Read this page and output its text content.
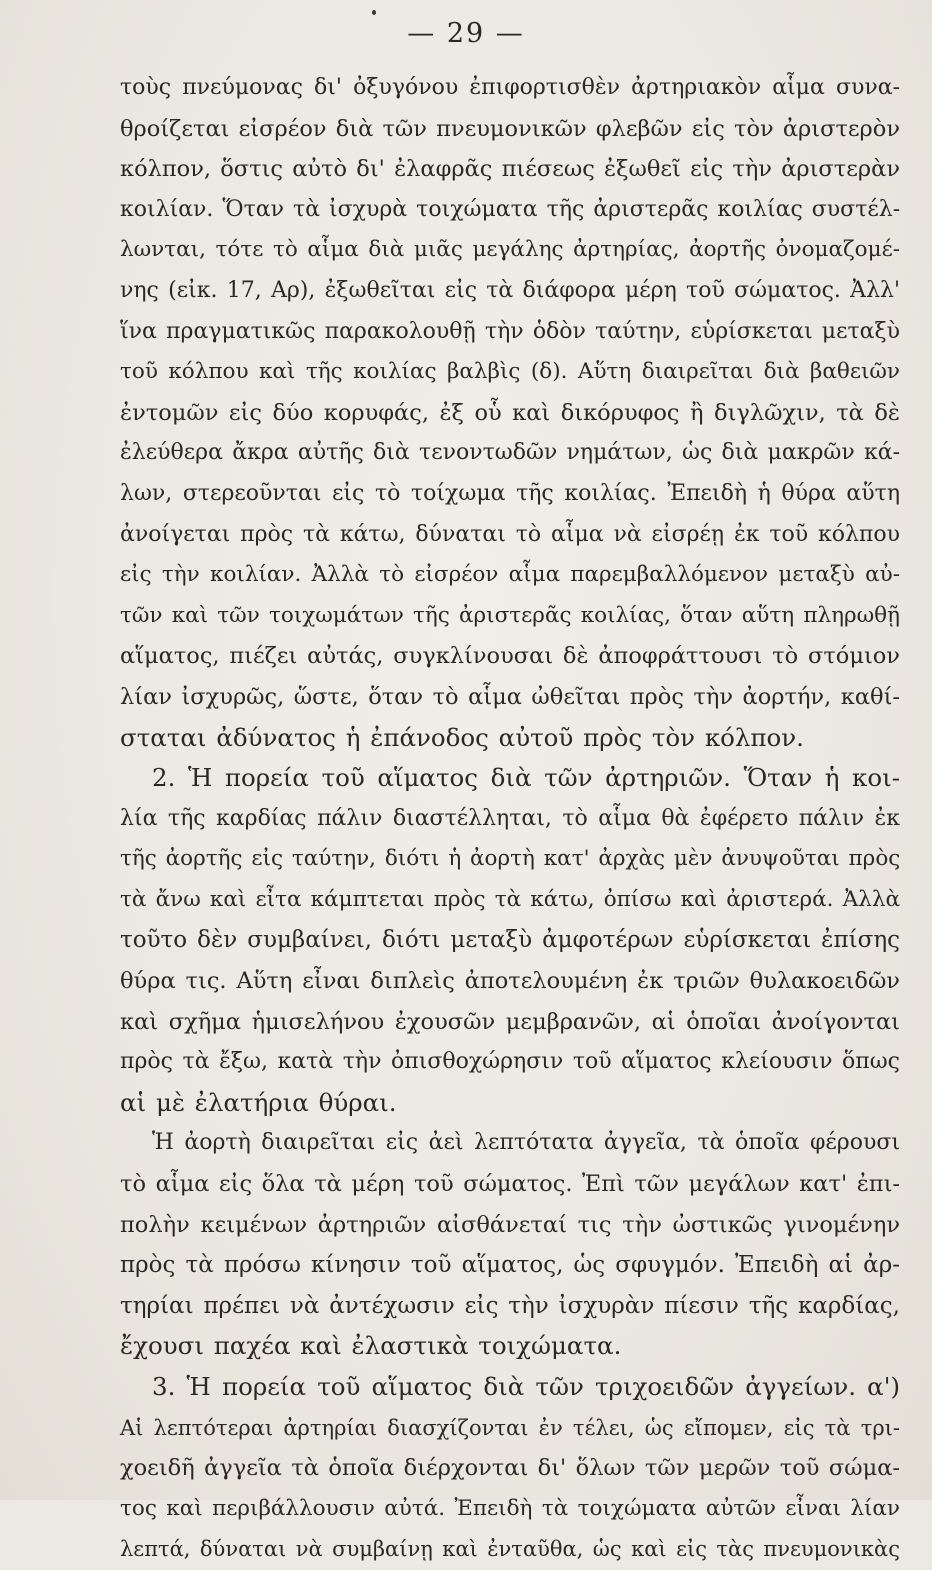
— 29 —
τοὺς πνεύμονας δι' ὀξυγόνου ἐπιφορτισθὲν ἀρτηριακὸν αἷμα συνα-
θροίζεται εἰσρέον διὰ τῶν πνευμονικῶν φλεβῶν εἰς τὸν ἀριστερὸν
κόλπον, ὅστις αὐτὸ δι' ἐλαφρᾶς πιέσεως ἐξωθεῖ εἰς τὴν ἀριστερὰν
κοιλίαν. Ὅταν τὰ ἰσχυρὰ τοιχώματα τῆς ἀριστερᾶς κοιλίας συστέλ-
λωνται, τότε τὸ αἷμα διὰ μιᾶς μεγάλης ἀρτηρίας, ἀορτῆς ὀνομαζομέ-
νης (εἰκ. 17, Αρ), ἐξωθεῖται εἰς τὰ διάφορα μέρη τοῦ σώματος. Ἀλλ'
ἵνα πραγματικῶς παρακολουθῇ τὴν ὁδὸν ταύτην, εὑρίσκεται μεταξὺ
τοῦ κόλπου καὶ τῆς κοιλίας βαλβὶς (δ). Αὕτη διαιρεῖται διὰ βαθειῶν
ἐντομῶν εἰς δύο κορυφάς, ἐξ οὗ καὶ δικόρυφος ἢ διγλῶχιν, τὰ δὲ
ἐλεύθερα ἄκρα αὐτῆς διὰ τενοντωδῶν νημάτων, ὡς διὰ μακρῶν κά-
λων, στερεοῦνται εἰς τὸ τοίχωμα τῆς κοιλίας. Ἐπειδὴ ἡ θύρα αὕτη
ἀνοίγεται πρὸς τὰ κάτω, δύναται τὸ αἷμα νὰ εἰσρέῃ ἐκ τοῦ κόλπου
εἰς τὴν κοιλίαν. Ἀλλὰ τὸ εἰσρέον αἷμα παρεμβαλλόμενον μεταξὺ αὐ-
τῶν καὶ τῶν τοιχωμάτων τῆς ἀριστερᾶς κοιλίας, ὅταν αὕτη πληρωθῇ
αἵματος, πιέζει αὐτάς, συγκλίνουσαι δὲ ἀποφράττουσι τὸ στόμιον
λίαν ἰσχυρῶς, ὥστε, ὅταν τὸ αἷμα ὠθεῖται πρὸς τὴν ἀορτήν, καθί-
σταται ἀδύνατος ἡ ἐπάνοδος αὐτοῦ πρὸς τὸν κόλπον.
2. Ἡ πορεία τοῦ αἵματος διὰ τῶν ἀρτηριῶν. Ὅταν ἡ κοι-
λία τῆς καρδίας πάλιν διαστέλληται, τὸ αἷμα θὰ ἐφέρετο πάλιν ἐκ
τῆς ἀορτῆς εἰς ταύτην, διότι ἡ ἀορτὴ κατ' ἀρχὰς μὲν ἀνυψοῦται πρὸς
τὰ ἄνω καὶ εἶτα κάμπτεται πρὸς τὰ κάτω, ὀπίσω καὶ ἀριστερά. Ἀλλὰ
τοῦτο δὲν συμβαίνει, διότι μεταξὺ ἀμφοτέρων εὑρίσκεται ἐπίσης
θύρα τις. Αὕτη εἶναι διπλεὶς ἀποτελουμένη ἐκ τριῶν θυλακοειδῶν
καὶ σχῆμα ἡμισελήνου ἐχουσῶν μεμβρανῶν, αἱ ὁποῖαι ἀνοίγονται
πρὸς τὰ ἔξω, κατὰ τὴν ὀπισθοχώρησιν τοῦ αἵματος κλείουσιν ὅπως
αἱ μὲ ἐλατήρια θύραι.
Ἡ ἀορτὴ διαιρεῖται εἰς ἀεὶ λεπτότατα ἀγγεῖα, τὰ ὁποῖα φέρουσι
τὸ αἷμα εἰς ὅλα τὰ μέρη τοῦ σώματος. Ἐπὶ τῶν μεγάλων κατ' ἐπι-
πολὴν κειμένων ἀρτηριῶν αἰσθάνεταί τις τὴν ὠστικῶς γινομένην
πρὸς τὰ πρόσω κίνησιν τοῦ αἵματος, ὡς σφυγμόν. Ἐπειδὴ αἱ ἀρ-
τηρίαι πρέπει νὰ ἀντέχωσιν εἰς τὴν ἰσχυρὰν πίεσιν τῆς καρδίας,
ἔχουσι παχέα καὶ ἐλαστικὰ τοιχώματα.
3. Ἡ πορεία τοῦ αἵματος διὰ τῶν τριχοειδῶν ἀγγείων. α')
Αἱ λεπτότεραι ἀρτηρίαι διασχίζονται ἐν τέλει, ὡς εἴπομεν, εἰς τὰ τρι-
χοειδῆ ἀγγεῖα τὰ ὁποῖα διέρχονται δι' ὅλων τῶν μερῶν τοῦ σώμα-
τος καὶ περιβάλλουσιν αὐτά. Ἐπειδὴ τὰ τοιχώματα αὐτῶν εἶναι λίαν
λεπτά, δύναται νὰ συμβαίνῃ καὶ ἐνταῦθα, ὡς καὶ εἰς τὰς πνευμονικὰς
